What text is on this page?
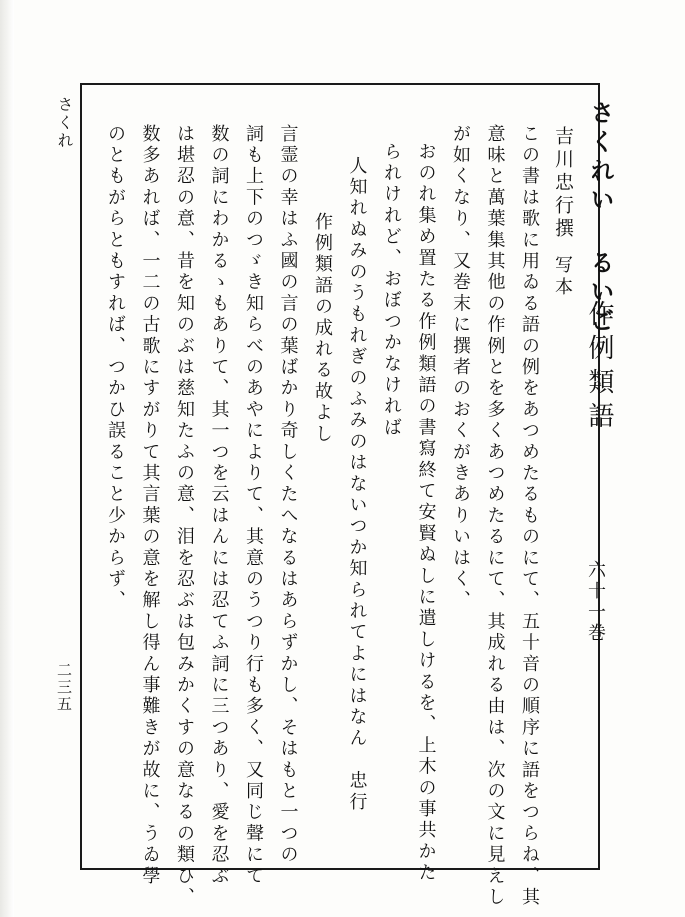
さくれ
二三五
さくれい るいご
作例類語
六十一巻
吉川忠行撰
写本
この書は歌に用ゐる語の例をあつめたるものにて、五十音の順序に語をつらね、其
意味と萬葉集其他の作例とを多くあつめたるにて、其成れる由は、次の文に見えし
が如くなり、又巻末に撰者のおくがきありいはく、
おのれ集め置たる作例類語の書寫終て安賢ぬしに遣しけるを、上木の事共かた
られけれど、おぼつかなければ
人知れぬみのうもれぎのふみのはないつか知られてよにはなん　忠行
作例類語の成れる故よし
言霊の幸はふ國の言の葉ばかり奇しくたへなるはあらずかし、そはもと一つの
詞も上下のつゞき知らべのあやによりて、其意のうつり行も多く、又同じ聲にて
数の詞にわかるゝもありて、其一つを云はんには忍てふ詞に三つあり、愛を忍ぶ
は堪忍の意、昔を知のぶは慈知たふの意、泪を忍ぶは包みかくすの意なるの類ひ、
数多あれば、一二の古歌にすがりて其言葉の意を解し得ん事難きが故に、うゐ學
のともがらともすれば、つかひ誤ること少からず、
